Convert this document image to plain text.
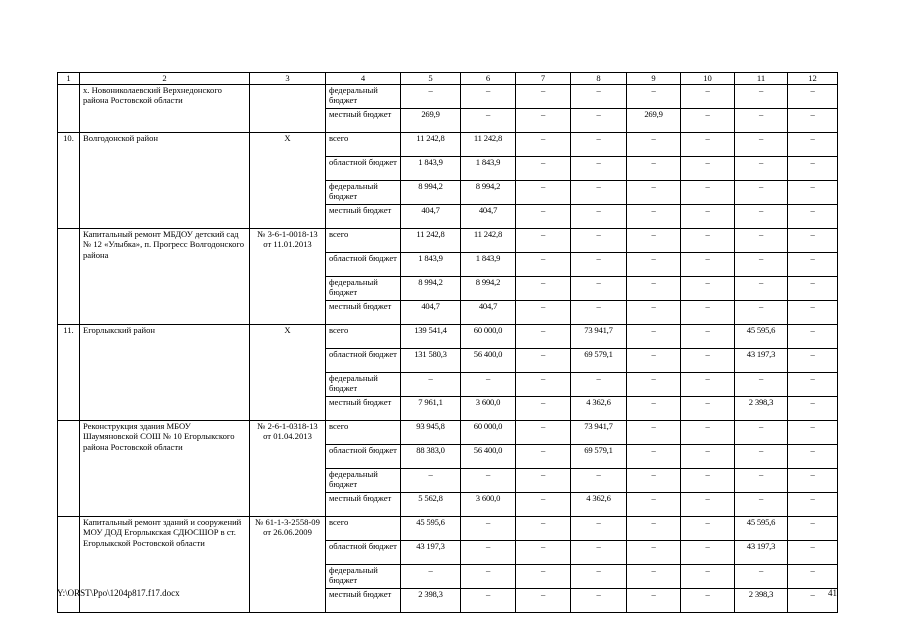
1	2	3	4	5	6	7	8	9	10	11	12
	х. Новониколаевский Верхнедонского района Ростовской области		федеральный бюджет	–	–	–	–	–	–	–	–
			местный бюджет	269,9	–	–	–	269,9	–	–	–
10.	Волгодонской район	X	всего	11 242,8	11 242,8	–	–	–	–	–	–
			областной бюджет	1 843,9	1 843,9	–	–	–	–	–	–
			федеральный бюджет	8 994,2	8 994,2	–	–	–	–	–	–
			местный бюджет	404,7	404,7	–	–	–	–	–	–
	Капитальный ремонт МБДОУ детский сад № 12 «Улыбка», п. Прогресс Волгодонского района	№ 3-6-1-0018-13 от 11.01.2013	всего	11 242,8	11 242,8	–	–	–	–	–	–
			областной бюджет	1 843,9	1 843,9	–	–	–	–	–	–
			федеральный бюджет	8 994,2	8 994,2	–	–	–	–	–	–
			местный бюджет	404,7	404,7	–	–	–	–	–	–
11.	Егорлыкский район	X	всего	139 541,4	60 000,0	–	73 941,7	–	–	45 595,6	–
			областной бюджет	131 580,3	56 400,0	–	69 579,1	–	–	43 197,3	–
			федеральный бюджет	–	–	–	–	–	–	–	–
			местный бюджет	7 961,1	3 600,0	–	4 362,6	–	–	2 398,3	–
	Реконструкция здания МБОУ Шаумяновской СОШ № 10 Егорлыкского района Ростовской области	№ 2-6-1-0318-13 от 01.04.2013	всего	93 945,8	60 000,0	–	73 941,7	–	–	–	–
			областной бюджет	88 383,0	56 400,0	–	69 579,1	–	–	–	–
			федеральный бюджет	–	–	–	–	–	–	–	–
			местный бюджет	5 562,8	3 600,0	–	4 362,6	–	–	–	–
	Капитальный ремонт зданий и сооружений МОУ ДОД Егорлыкская СДЮСШОР в ст. Егорлыкской Ростовской области	№ 61-1-3-2558-09 от 26.06.2009	всего	45 595,6	–	–	–	–	–	45 595,6	–
			областной бюджет	43 197,3	–	–	–	–	–	43 197,3	–
			федеральный бюджет	–	–	–	–	–	–	–	–
			местный бюджет	2 398,3	–	–	–	–	–	2 398,3	–
Y:\ORST\Ppo\1204p817.f17.docx	41
